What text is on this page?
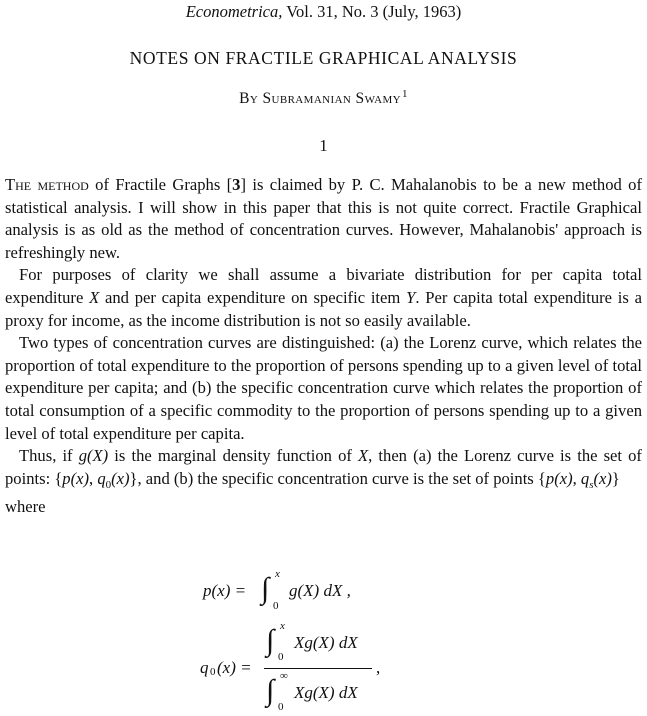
Econometrica, Vol. 31, No. 3 (July, 1963)
NOTES ON FRACTILE GRAPHICAL ANALYSIS
By Subramanian Swamy$^1$
1

The method of Fractile Graphs [3] is claimed by P. C. Mahalanobis to be a new method of statistical analysis. I will show in this paper that this is not quite correct. Fractile Graphical analysis is as old as the method of concentration curves. However, Mahalanobis' approach is refreshingly new.

For purposes of clarity we shall assume a bivariate distribution for per capita total expenditure X and per capita expenditure on specific item Y. Per capita total expenditure is a proxy for income, as the income distribution is not so easily available.

Two types of concentration curves are distinguished: (a) the Lorenz curve, which relates the proportion of total expenditure to the proportion of persons spending up to a given level of total expenditure per capita; and (b) the specific concentration curve which relates the proportion of total consumption of a specific commodity to the proportion of persons spending up to a given level of total expenditure per capita.

Thus, if g(X) is the marginal density function of X, then (a) the Lorenz curve is the set of points: {p(x), $q_0(x)$}, and (b) the specific concentration curve is the set of points {p(x), $q_s(x)$}

where

p(x) = ∫ x
0
g(X) dX ,
q 0 (x) =
∫ x
0
Xg(X) dX
∫ ∞
0
Xg(X) dX
,
